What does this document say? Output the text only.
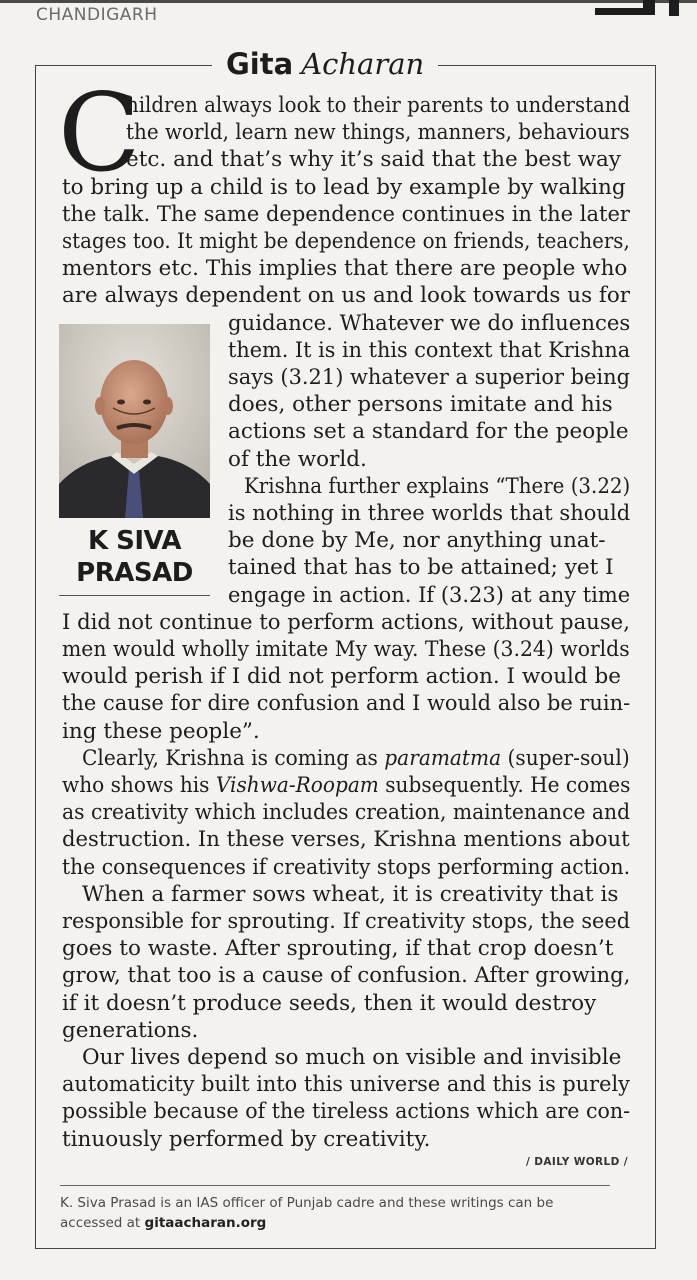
CHANDIGARH
Gita Acharan
C
hildren always look to their parents to understand
the world, learn new things, manners, behaviours
etc. and that’s why it’s said that the best way
to bring up a child is to lead by example by walking
the talk. The same dependence continues in the later
stages too. It might be dependence on friends, teachers,
mentors etc. This implies that there are people who
are always dependent on us and look towards us for
guidance. Whatever we do influences
them. It is in this context that Krishna
says (3.21) whatever a superior being
does, other persons imitate and his
actions set a standard for the people
of the world.
Krishna further explains “There (3.22)
is nothing in three worlds that should
be done by Me, nor anything unat-
tained that has to be attained; yet I
engage in action. If (3.23) at any time
I did not continue to perform actions, without pause,
men would wholly imitate My way. These (3.24) worlds
would perish if I did not perform action. I would be
the cause for dire confusion and I would also be ruin-
ing these people”.
Clearly, Krishna is coming as paramatma (super-soul)
who shows his Vishwa-Roopam subsequently. He comes
as creativity which includes creation, maintenance and
destruction. In these verses, Krishna mentions about
the consequences if creativity stops performing action.
When a farmer sows wheat, it is creativity that is
responsible for sprouting. If creativity stops, the seed
goes to waste. After sprouting, if that crop doesn’t
grow, that too is a cause of confusion. After growing,
if it doesn’t produce seeds, then it would destroy
generations.
Our lives depend so much on visible and invisible
automaticity built into this universe and this is purely
possible because of the tireless actions which are con-
tinuously performed by creativity.
K SIVA
PRASAD
/ DAILY WORLD /
K. Siva Prasad is an IAS officer of Punjab cadre and these writings can be accessed at gitaacharan.org
